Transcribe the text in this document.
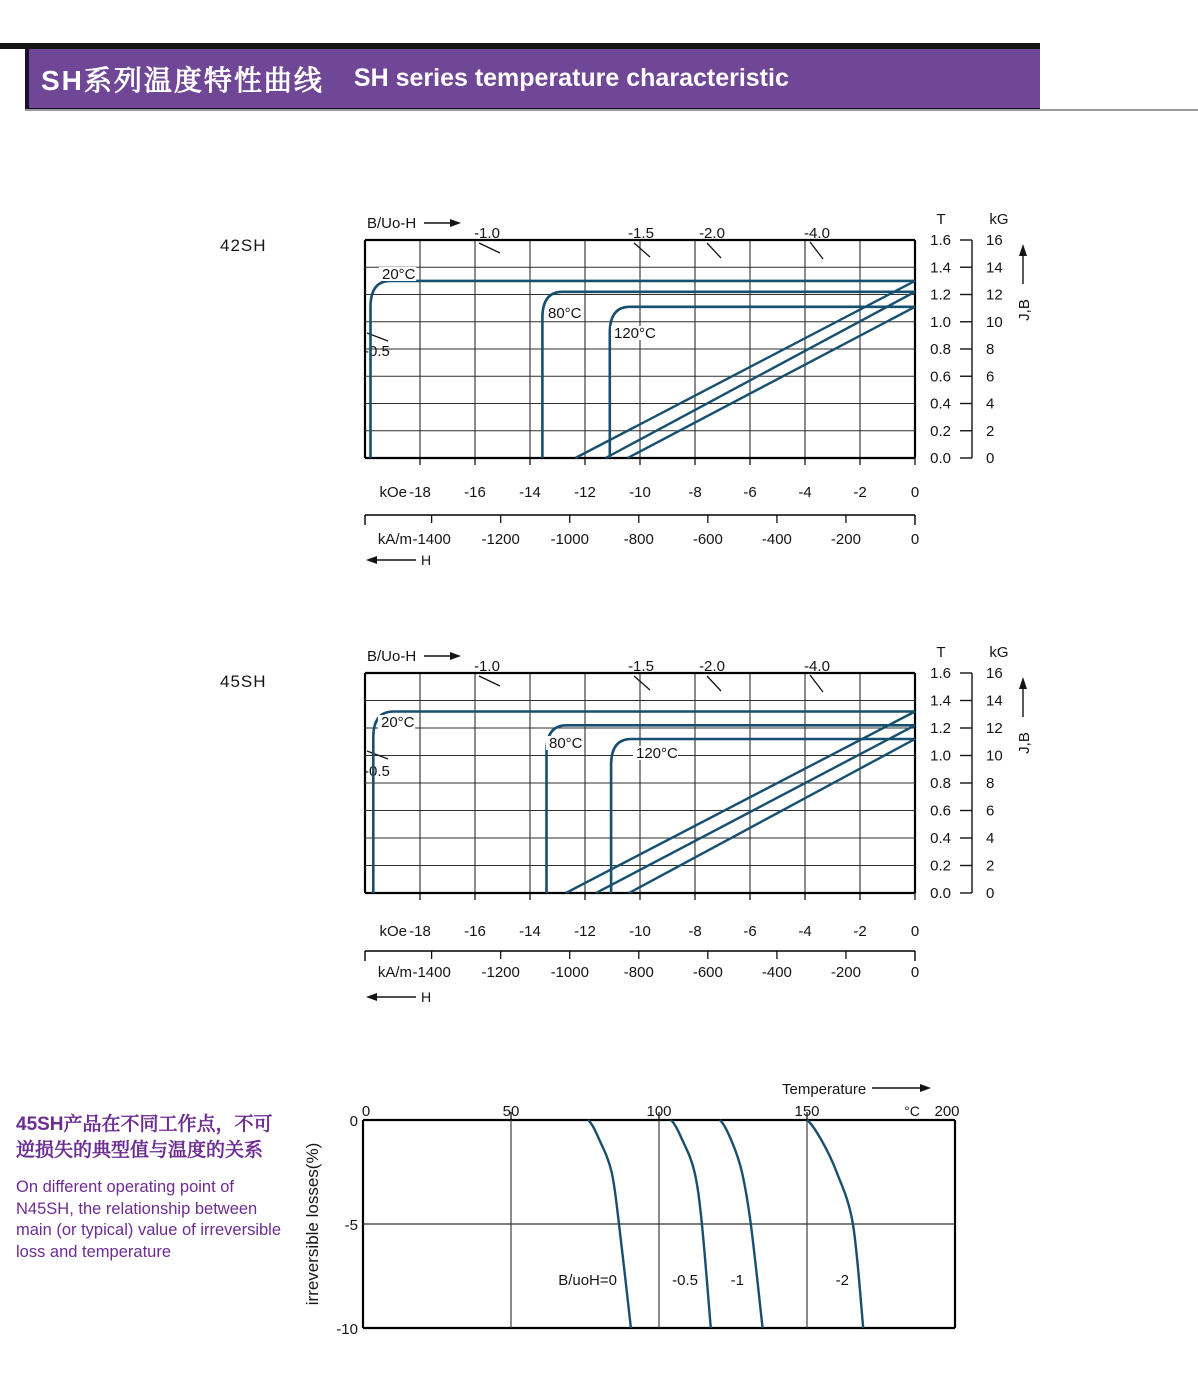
SH系列温度特性曲线 SH series temperature characteristic
42SH
45SH
45SH产品在不同工作点，不可
逆损失的典型值与温度的关系
On different operating point of
N45SH, the relationship between
main (or typical) value of irreversible
loss and temperature
kOe -18 -16 -14 -12 -10 -8	-6	-4	-2	0
kA/m -1400 -1200 -1000 -800	-600	-400	-200	0
H
B/Uo-H
-1.0	-1.5	-2.0	-4.0
-0.5
1.6 16
1.4 14
1.2 12
1.0 10
0.8 8
0.6 6
0.4 4
0.2 2
0.0 0
T	kG
J,B
20°C
80°C
120°C
kOe -18 -16 -14 -12 -10 -8	-6	-4	-2	0
kA/m -1400 -1200 -1000 -800	-600	-400	-200	0
H
B/Uo-H
-1.0	-1.5	-2.0	-4.0
-0.5
1.6 16
1.4 14
1.2 12
1.0 10
0.8 8
0.6 6
0.4 4
0.2 2
0.0 0
T	kG
J,B
20°C
80°C
120°C
0	50	100	150	°C 200
0
-5
-10
irreversible losses(%)
Temperature
B/uoH=0	-0.5 -1	-2
